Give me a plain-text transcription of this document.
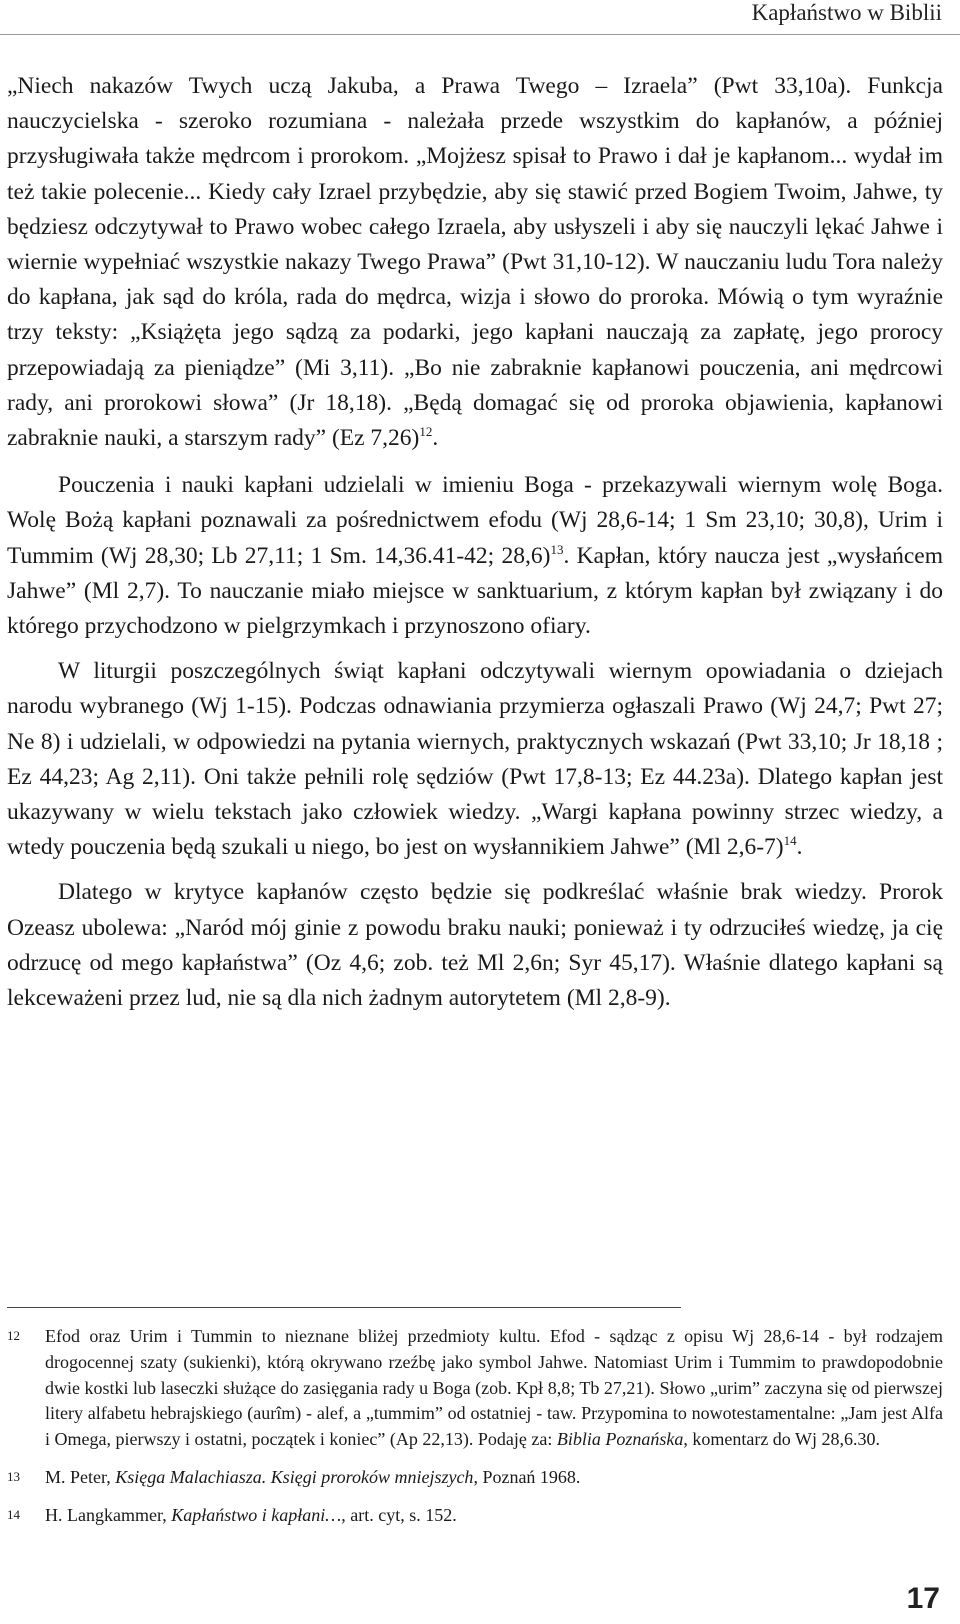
Kapłaństwo w Biblii

„Niech nakazów Twych uczą Jakuba, a Prawa Twego – Izraela” (Pwt 33,10a). Funkcja nauczycielska - szeroko rozumiana - należała przede wszystkim do kapłanów, a później przysługiwała także mędrcom i prorokom. „Mojżesz spisał to Prawo i dał je kapłanom... wydał im też takie polecenie... Kiedy cały Izrael przybędzie, aby się stawić przed Bogiem Twoim, Jahwe, ty będziesz odczytywał to Prawo wobec całego Izraela, aby usłyszeli i aby się nauczyli lękać Jahwe i wiernie wypełniać wszystkie nakazy Twego Prawa” (Pwt 31,10-12). W nauczaniu ludu Tora należy do kapłana, jak sąd do króla, rada do mędrca, wizja i słowo do proroka. Mówią o tym wyraźnie trzy teksty: „Książęta jego sądzą za podarki, jego kapłani nauczają za zapłatę, jego prorocy przepowiadają za pieniądze” (Mi 3,11). „Bo nie zabraknie kapłanowi pouczenia, ani mędrcowi rady, ani prorokowi słowa” (Jr 18,18). „Będą domagać się od proroka objawienia, kapłanowi zabraknie nauki, a starszym rady” (Ez 7,26)$^{12}$.

Pouczenia i nauki kapłani udzielali w imieniu Boga - przekazywali wiernym wolę Boga. Wolę Bożą kapłani poznawali za pośrednictwem efodu (Wj 28,6-14; 1 Sm 23,10; 30,8), Urim i Tummim (Wj 28,30; Lb 27,11; 1 Sm. 14,36.41-42; 28,6)$^{13}$. Kapłan, który naucza jest „wysłańcem Jahwe” (Ml 2,7). To nauczanie miało miejsce w sanktuarium, z którym kapłan był związany i do którego przychodzono w pielgrzymkach i przynoszono ofiary.

W liturgii poszczególnych świąt kapłani odczytywali wiernym opowiadania o dziejach narodu wybranego (Wj 1-15). Podczas odnawiania przymierza ogłaszali Prawo (Wj 24,7; Pwt 27; Ne 8) i udzielali, w odpowiedzi na pytania wiernych, praktycznych wskazań (Pwt 33,10; Jr 18,18 ; Ez 44,23; Ag 2,11). Oni także pełnili rolę sędziów (Pwt 17,8-13; Ez 44.23a). Dlatego kapłan jest ukazywany w wielu tekstach jako człowiek wiedzy. „Wargi kapłana powinny strzec wiedzy, a wtedy pouczenia będą szukali u niego, bo jest on wysłannikiem Jahwe” (Ml 2,6-7)$^{14}$.

Dlatego w krytyce kapłanów często będzie się podkreślać właśnie brak wiedzy. Prorok Ozeasz ubolewa: „Naród mój ginie z powodu braku nauki; ponieważ i ty odrzuciłeś wiedzę, ja cię odrzucę od mego kapłaństwa” (Oz 4,6; zob. też Ml 2,6n; Syr 45,17). Właśnie dlatego kapłani są lekceważeni przez lud, nie są dla nich żadnym autorytetem (Ml 2,8-9).

12	Efod oraz Urim i Tummin to nieznane bliżej przedmioty kultu. Efod - sądząc z opisu Wj 28,6-14 - był rodzajem drogocennej szaty (sukienki), którą okrywano rzeźbę jako symbol Jahwe. Natomiast Urim i Tummim to prawdopodobnie dwie kostki lub laseczki służące do zasięgania rady u Boga (zob. Kpł 8,8; Tb 27,21). Słowo „urim” zaczyna się od pierwszej litery alfabetu hebrajskiego (aurîm) - alef, a „tummim” od ostatniej - taw. Przypomina to nowotestamentalne: „Jam jest Alfa i Omega, pierwszy i ostatni, początek i koniec” (Ap 22,13). Podaję za: Biblia Poznańska, komentarz do Wj 28,6.30.
13	M. Peter, Księga Malachiasza. Księgi proroków mniejszych, Poznań 1968.
14	H. Langkammer, Kapłaństwo i kapłani…, art. cyt, s. 152.
17
